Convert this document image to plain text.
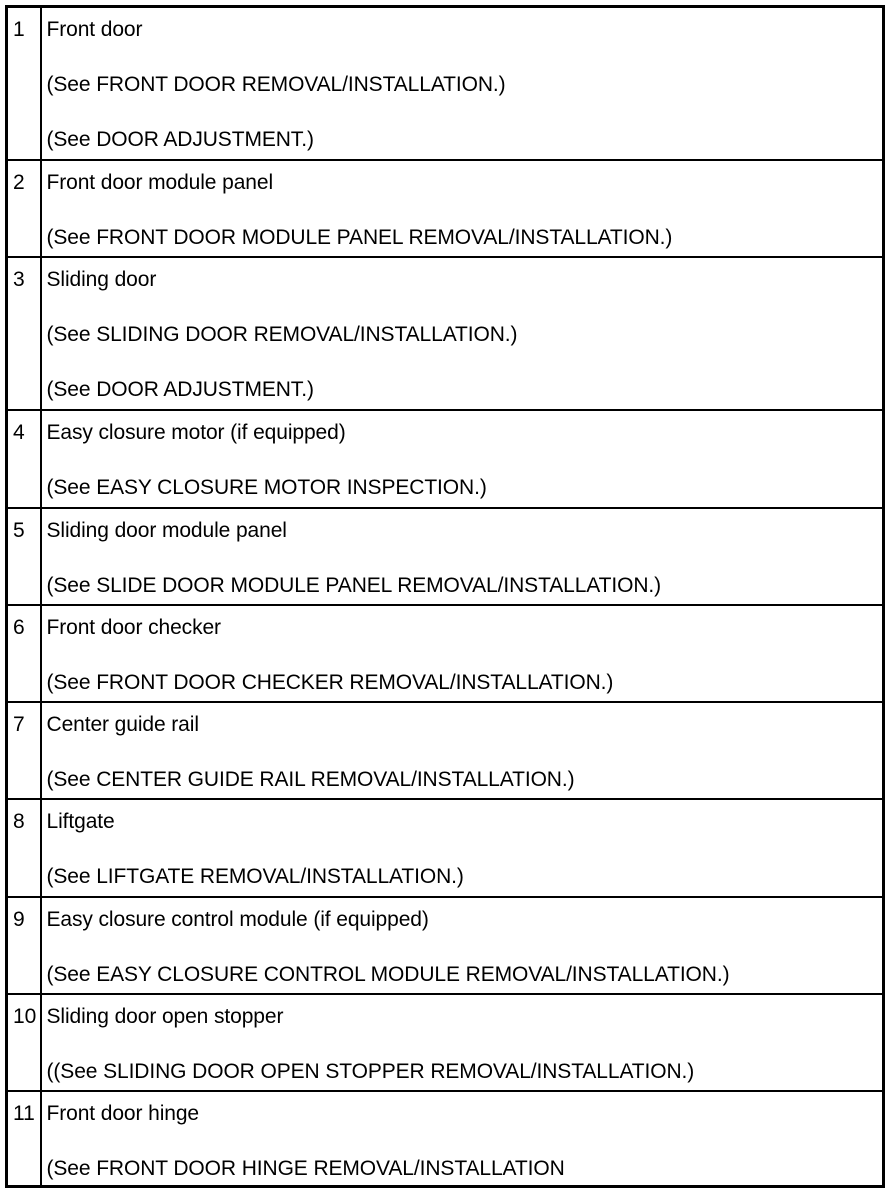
1	Front door
(See FRONT DOOR REMOVAL/INSTALLATION.)
(See DOOR ADJUSTMENT.)

2	Front door module panel
(See FRONT DOOR MODULE PANEL REMOVAL/INSTALLATION.)

3	Sliding door
(See SLIDING DOOR REMOVAL/INSTALLATION.)
(See DOOR ADJUSTMENT.)

4	Easy closure motor (if equipped)
(See EASY CLOSURE MOTOR INSPECTION.)

5	Sliding door module panel
(See SLIDE DOOR MODULE PANEL REMOVAL/INSTALLATION.)

6	Front door checker
(See FRONT DOOR CHECKER REMOVAL/INSTALLATION.)

7	Center guide rail
(See CENTER GUIDE RAIL REMOVAL/INSTALLATION.)

8	Liftgate
(See LIFTGATE REMOVAL/INSTALLATION.)

9	Easy closure control module (if equipped)
(See EASY CLOSURE CONTROL MODULE REMOVAL/INSTALLATION.)

10	Sliding door open stopper
((See SLIDING DOOR OPEN STOPPER REMOVAL/INSTALLATION.)

11	Front door hinge
(See FRONT DOOR HINGE REMOVAL/INSTALLATION
